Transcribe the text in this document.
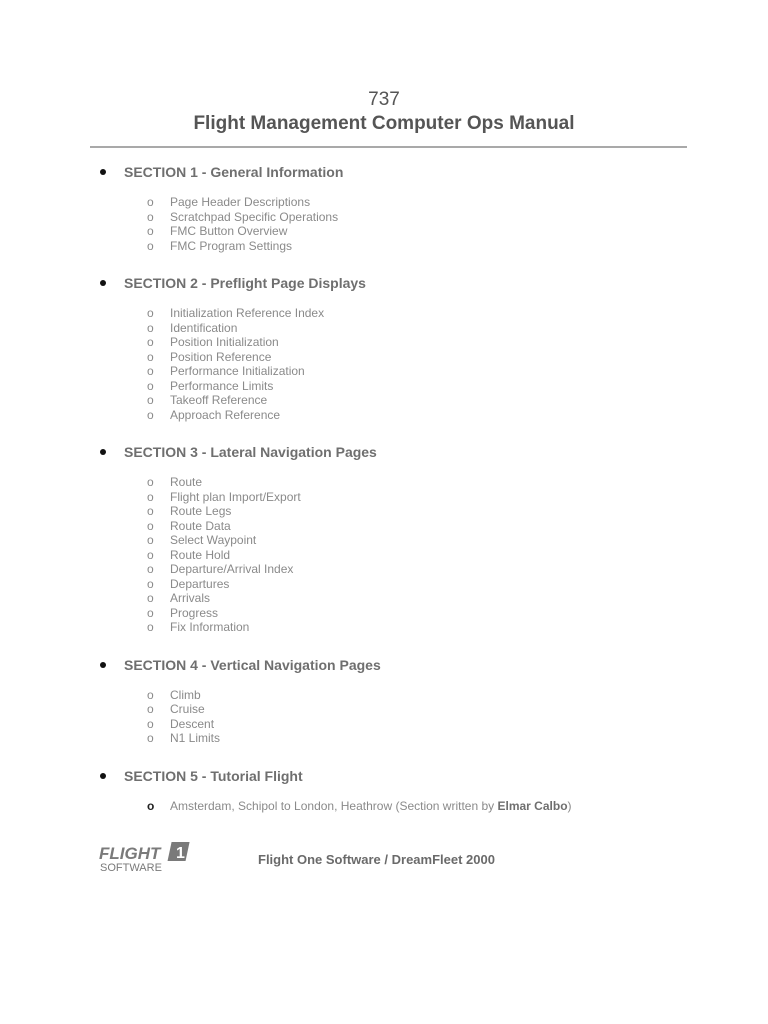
737
Flight Management Computer Ops Manual
SECTION 1 - General Information
o Page Header Descriptions
o Scratchpad Specific Operations
o FMC Button Overview
o FMC Program Settings
SECTION 2 - Preflight Page Displays
o Initialization Reference Index
o Identification
o Position Initialization
o Position Reference
o Performance Initialization
o Performance Limits
o Takeoff Reference
o Approach Reference
SECTION 3 - Lateral Navigation Pages
o Route
o Flight plan Import/Export
o Route Legs
o Route Data
o Select Waypoint
o Route Hold
o Departure/Arrival Index
o Departures
o Arrivals
o Progress
o Fix Information
SECTION 4 - Vertical Navigation Pages
o Climb
o Cruise
o Descent
o N1 Limits
SECTION 5 - Tutorial Flight
o Amsterdam, Schipol to London, Heathrow (Section written by Elmar Calbo)
FLIGHT 1
SOFTWARE
Flight One Software / DreamFleet 2000
